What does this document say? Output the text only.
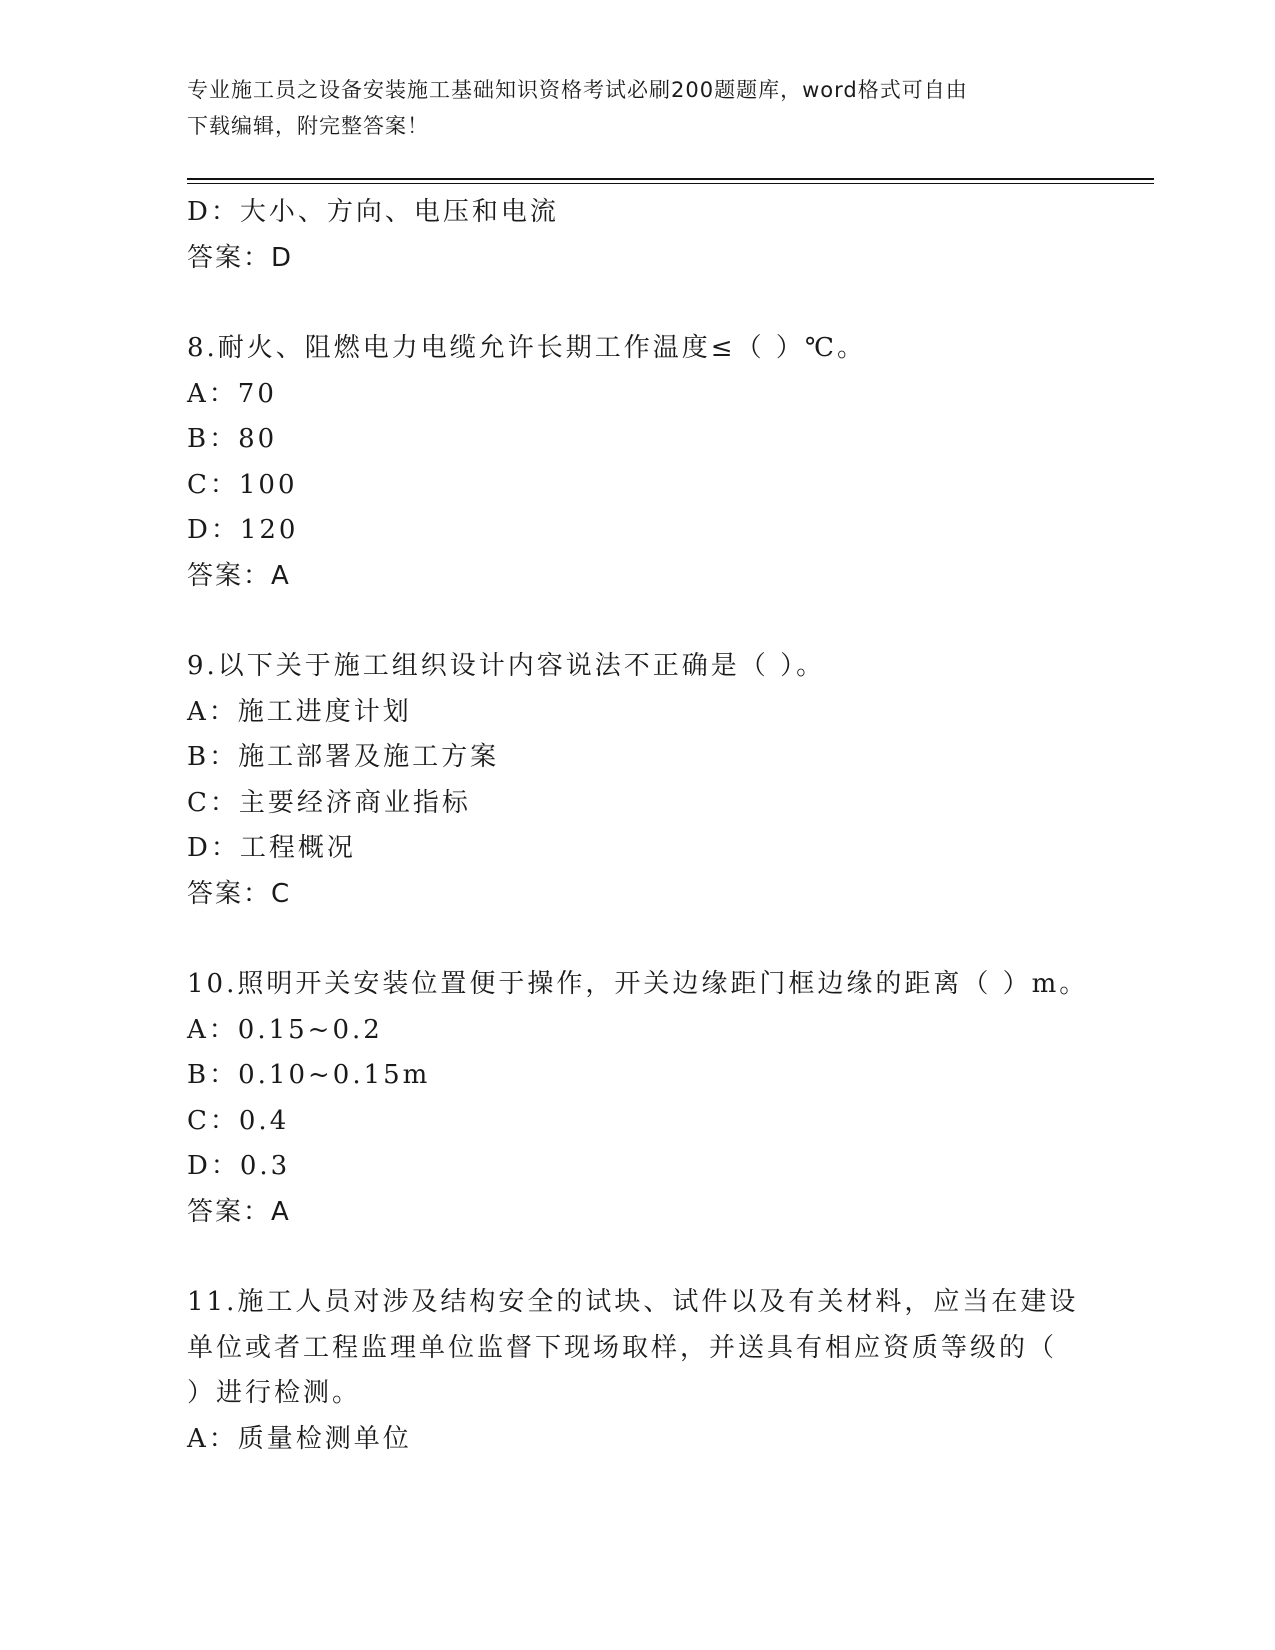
专业施工员之设备安装施工基础知识资格考试必刷200题题库，word格式可自由
下载编辑，附完整答案！
D：大小、方向、电压和电流
答案：D
8.耐火、阻燃电力电缆允许长期工作温度≤（ ）℃。
A：70
B：80
C：100
D：120
答案：A
9.以下关于施工组织设计内容说法不正确是（ ）。
A：施工进度计划
B：施工部署及施工方案
C：主要经济商业指标
D：工程概况
答案：C
10.照明开关安装位置便于操作，开关边缘距门框边缘的距离（ ）m。
A：0.15~0.2
B：0.10~0.15m
C：0.4
D：0.3
答案：A
11.施工人员对涉及结构安全的试块、试件以及有关材料，应当在建设
单位或者工程监理单位监督下现场取样，并送具有相应资质等级的（
）进行检测。
A：质量检测单位
